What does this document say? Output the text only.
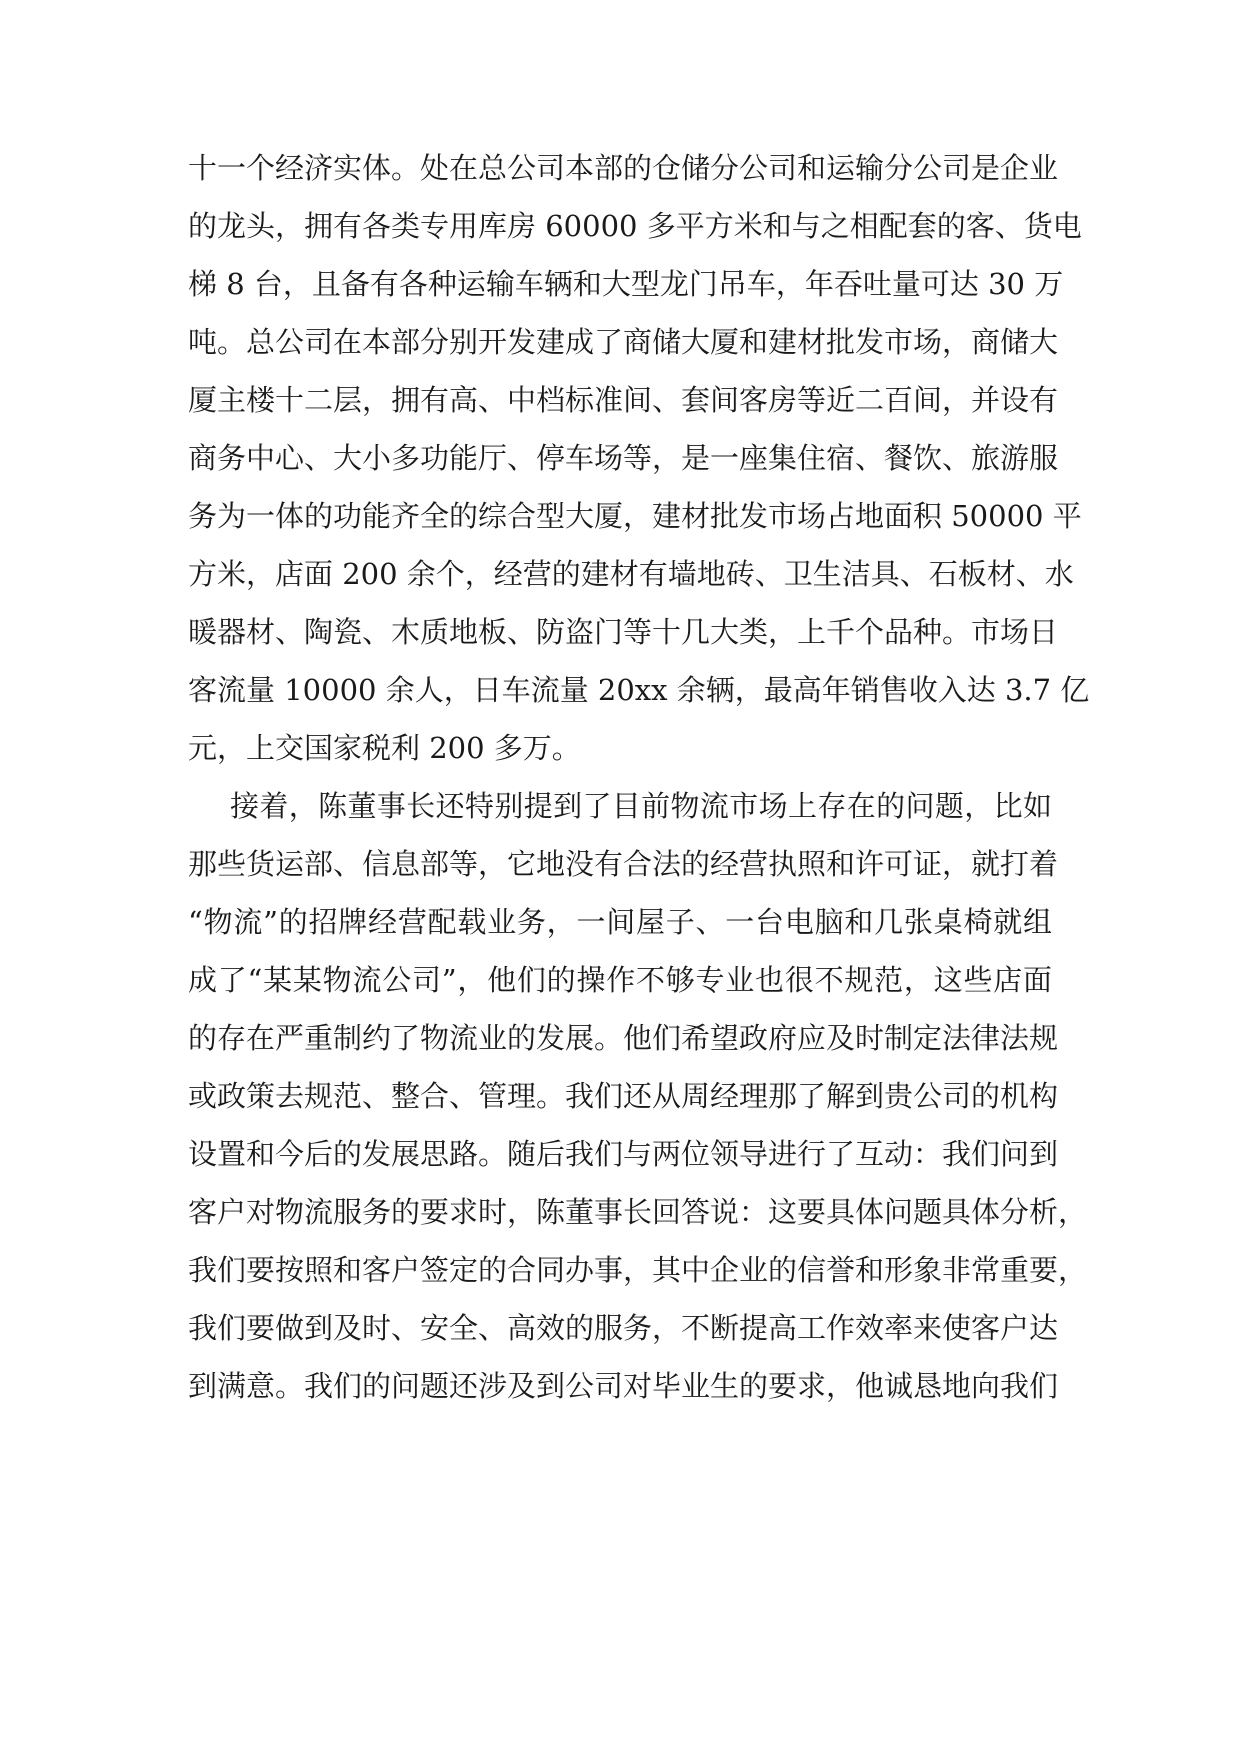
十一个经济实体。处在总公司本部的仓储分公司和运输分公司是企业
的龙头，拥有各类专用库房 60000 多平方米和与之相配套的客、货电
梯 8 台，且备有各种运输车辆和大型龙门吊车，年吞吐量可达 30 万
吨。总公司在本部分别开发建成了商储大厦和建材批发市场，商储大
厦主楼十二层，拥有高、中档标准间、套间客房等近二百间，并设有
商务中心、大小多功能厅、停车场等，是一座集住宿、餐饮、旅游服
务为一体的功能齐全的综合型大厦，建材批发市场占地面积 50000 平
方米，店面 200 余个，经营的建材有墙地砖、卫生洁具、石板材、水
暖器材、陶瓷、木质地板、防盗门等十几大类，上千个品种。市场日
客流量 10000 余人，日车流量 20xx 余辆，最高年销售收入达 3.7 亿
元，上交国家税利 200 多万。
接着，陈董事长还特别提到了目前物流市场上存在的问题，比如
那些货运部、信息部等，它地没有合法的经营执照和许可证，就打着
“物流”的招牌经营配载业务，一间屋子、一台电脑和几张桌椅就组
成了“某某物流公司”，他们的操作不够专业也很不规范，这些店面
的存在严重制约了物流业的发展。他们希望政府应及时制定法律法规
或政策去规范、整合、管理。我们还从周经理那了解到贵公司的机构
设置和今后的发展思路。随后我们与两位领导进行了互动：我们问到
客户对物流服务的要求时，陈董事长回答说：这要具体问题具体分析，
我们要按照和客户签定的合同办事，其中企业的信誉和形象非常重要，
我们要做到及时、安全、高效的服务，不断提高工作效率来使客户达
到满意。我们的问题还涉及到公司对毕业生的要求，他诚恳地向我们
